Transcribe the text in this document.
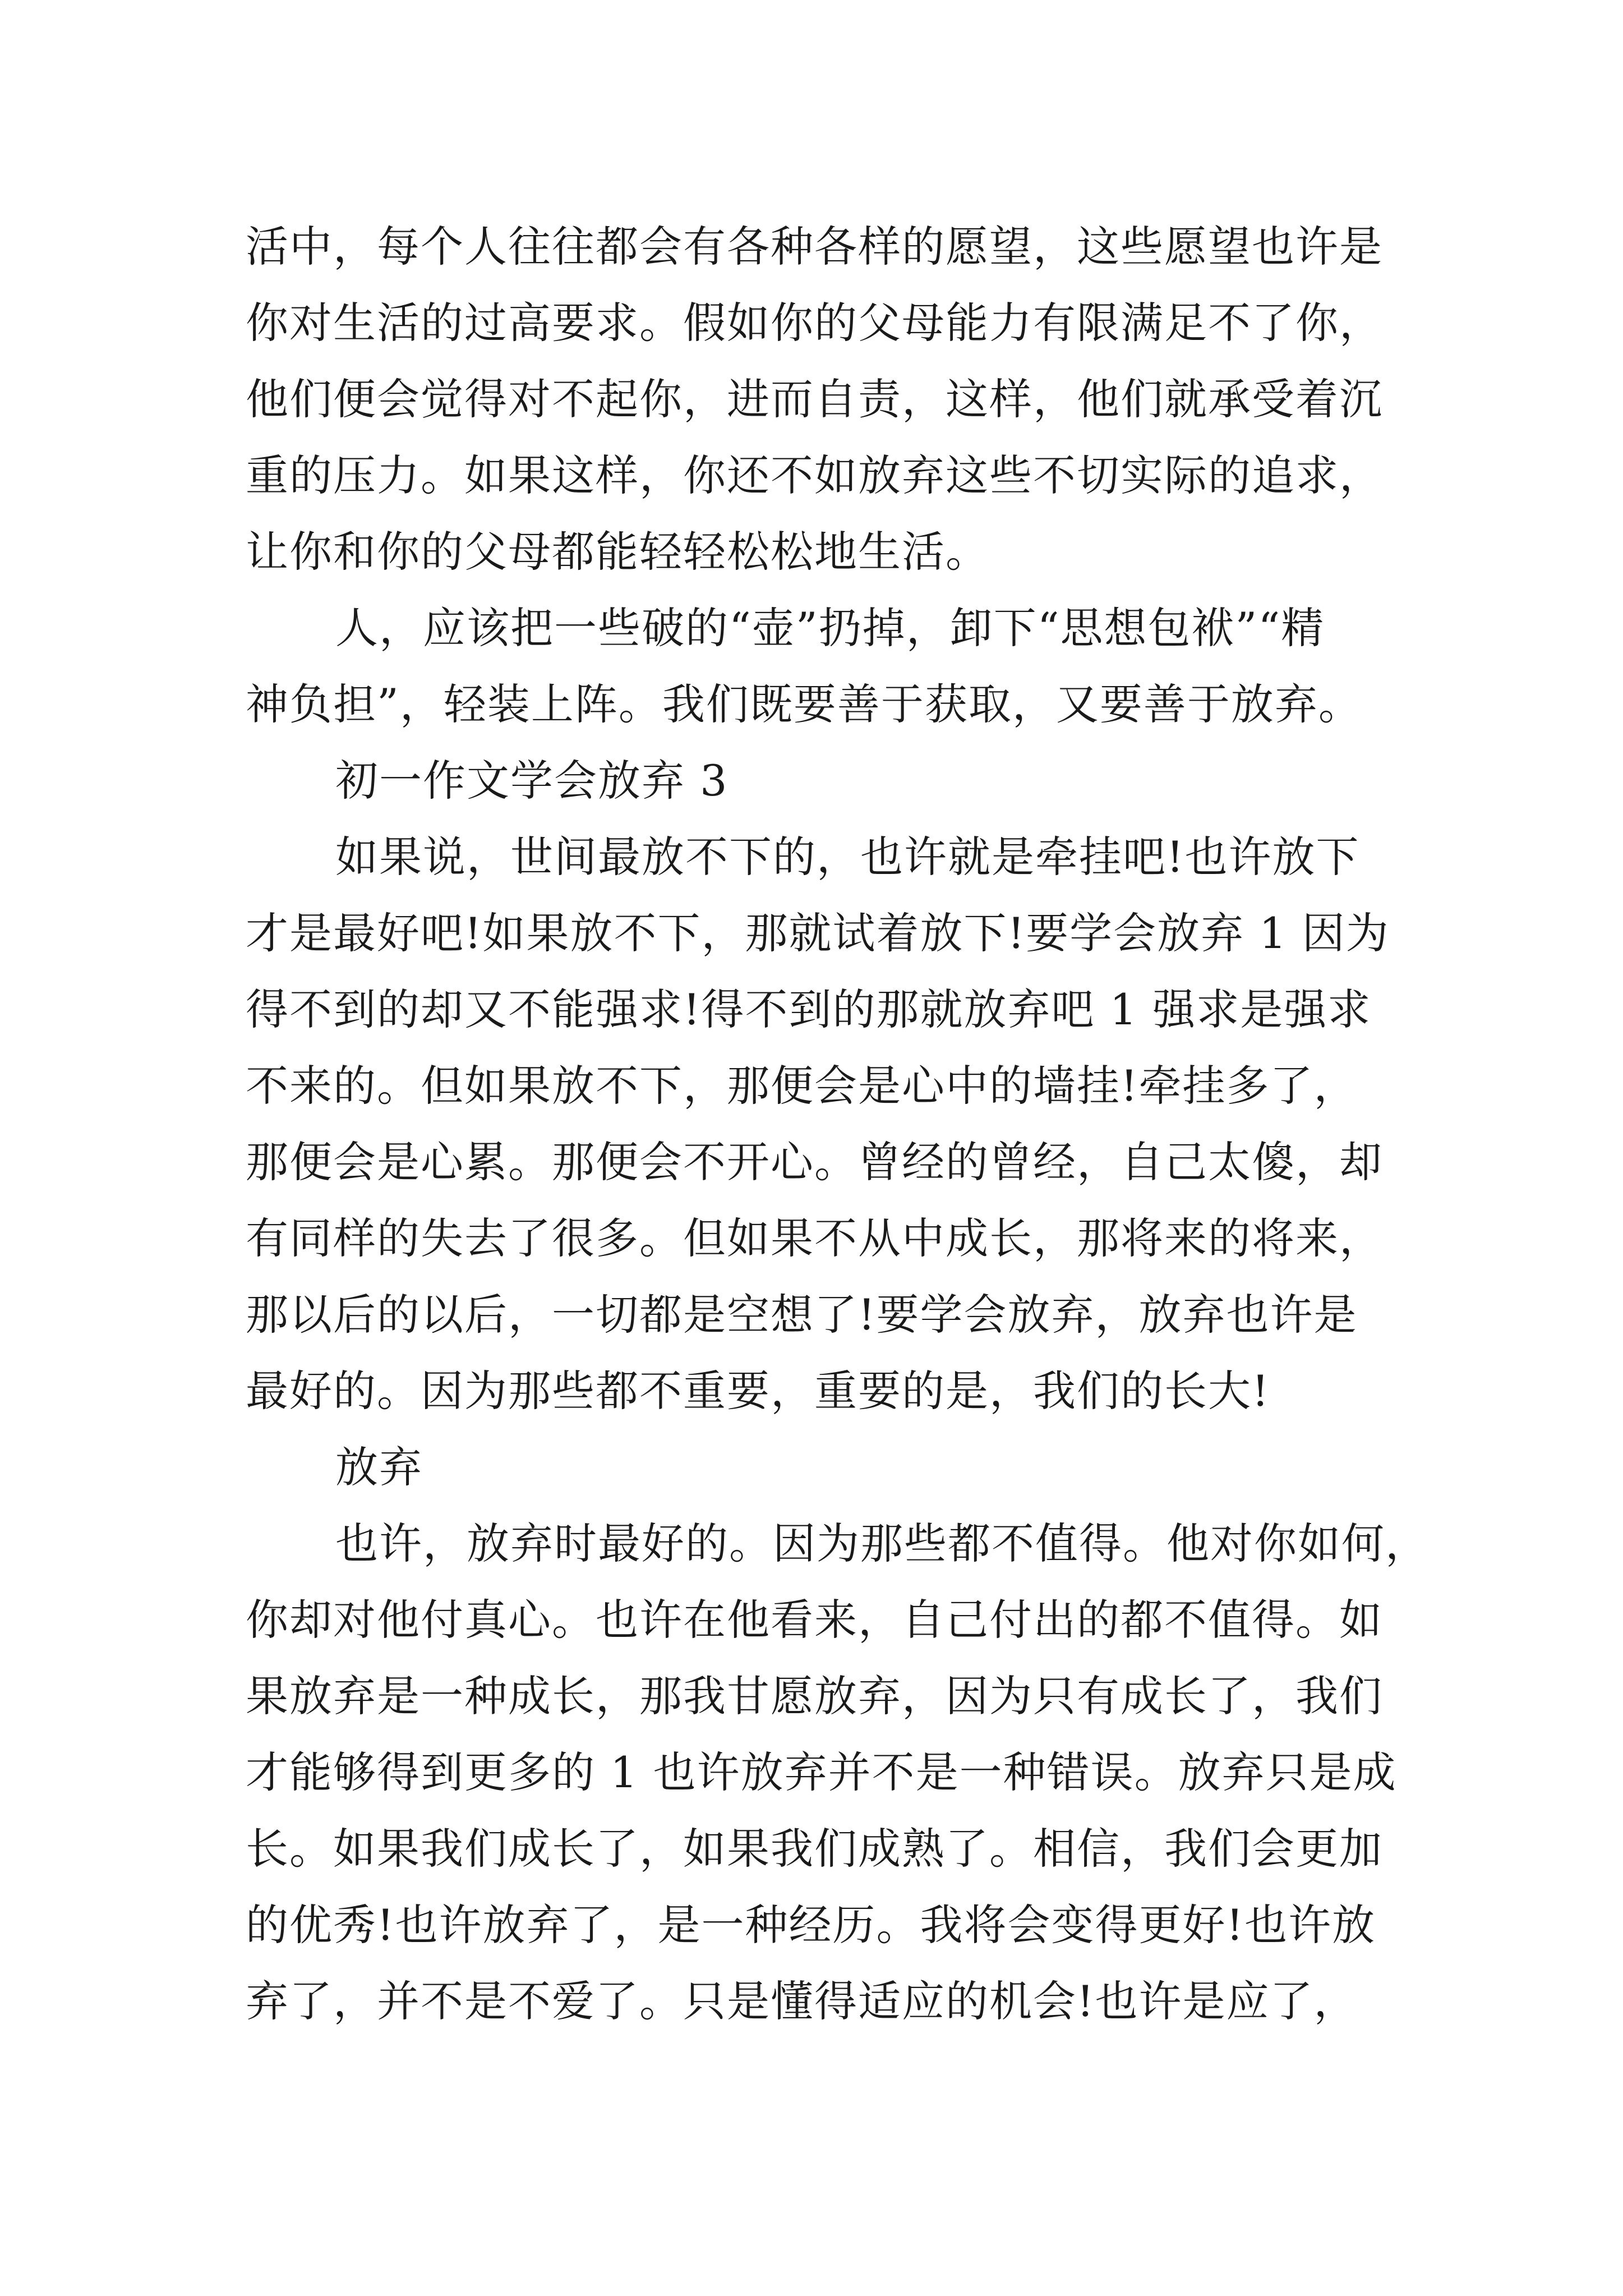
活中，每个人往往都会有各种各样的愿望，这些愿望也许是
你对生活的过高要求。假如你的父母能力有限满足不了你，
他们便会觉得对不起你，进而自责，这样，他们就承受着沉
重的压力。如果这样，你还不如放弃这些不切实际的追求，
让你和你的父母都能轻轻松松地生活。
人，应该把一些破的“壶”扔掉，卸下“思想包袱”“精
神负担”，轻装上阵。我们既要善于获取，又要善于放弃。
初一作文学会放弃 3
如果说，世间最放不下的，也许就是牵挂吧!也许放下
才是最好吧!如果放不下，那就试着放下!要学会放弃 1 因为
得不到的却又不能强求!得不到的那就放弃吧 1 强求是强求
不来的。但如果放不下，那便会是心中的墙挂!牵挂多了，
那便会是心累。那便会不开心。曾经的曾经，自己太傻，却
有同样的失去了很多。但如果不从中成长，那将来的将来，
那以后的以后，一切都是空想了!要学会放弃，放弃也许是
最好的。因为那些都不重要，重要的是，我们的长大!
放弃
也许，放弃时最好的。因为那些都不值得。他对你如何，
你却对他付真心。也许在他看来，自己付出的都不值得。如
果放弃是一种成长，那我甘愿放弃，因为只有成长了，我们
才能够得到更多的 1 也许放弃并不是一种错误。放弃只是成
长。如果我们成长了，如果我们成熟了。相信，我们会更加
的优秀!也许放弃了，是一种经历。我将会变得更好!也许放
弃了，并不是不爱了。只是懂得适应的机会!也许是应了，
